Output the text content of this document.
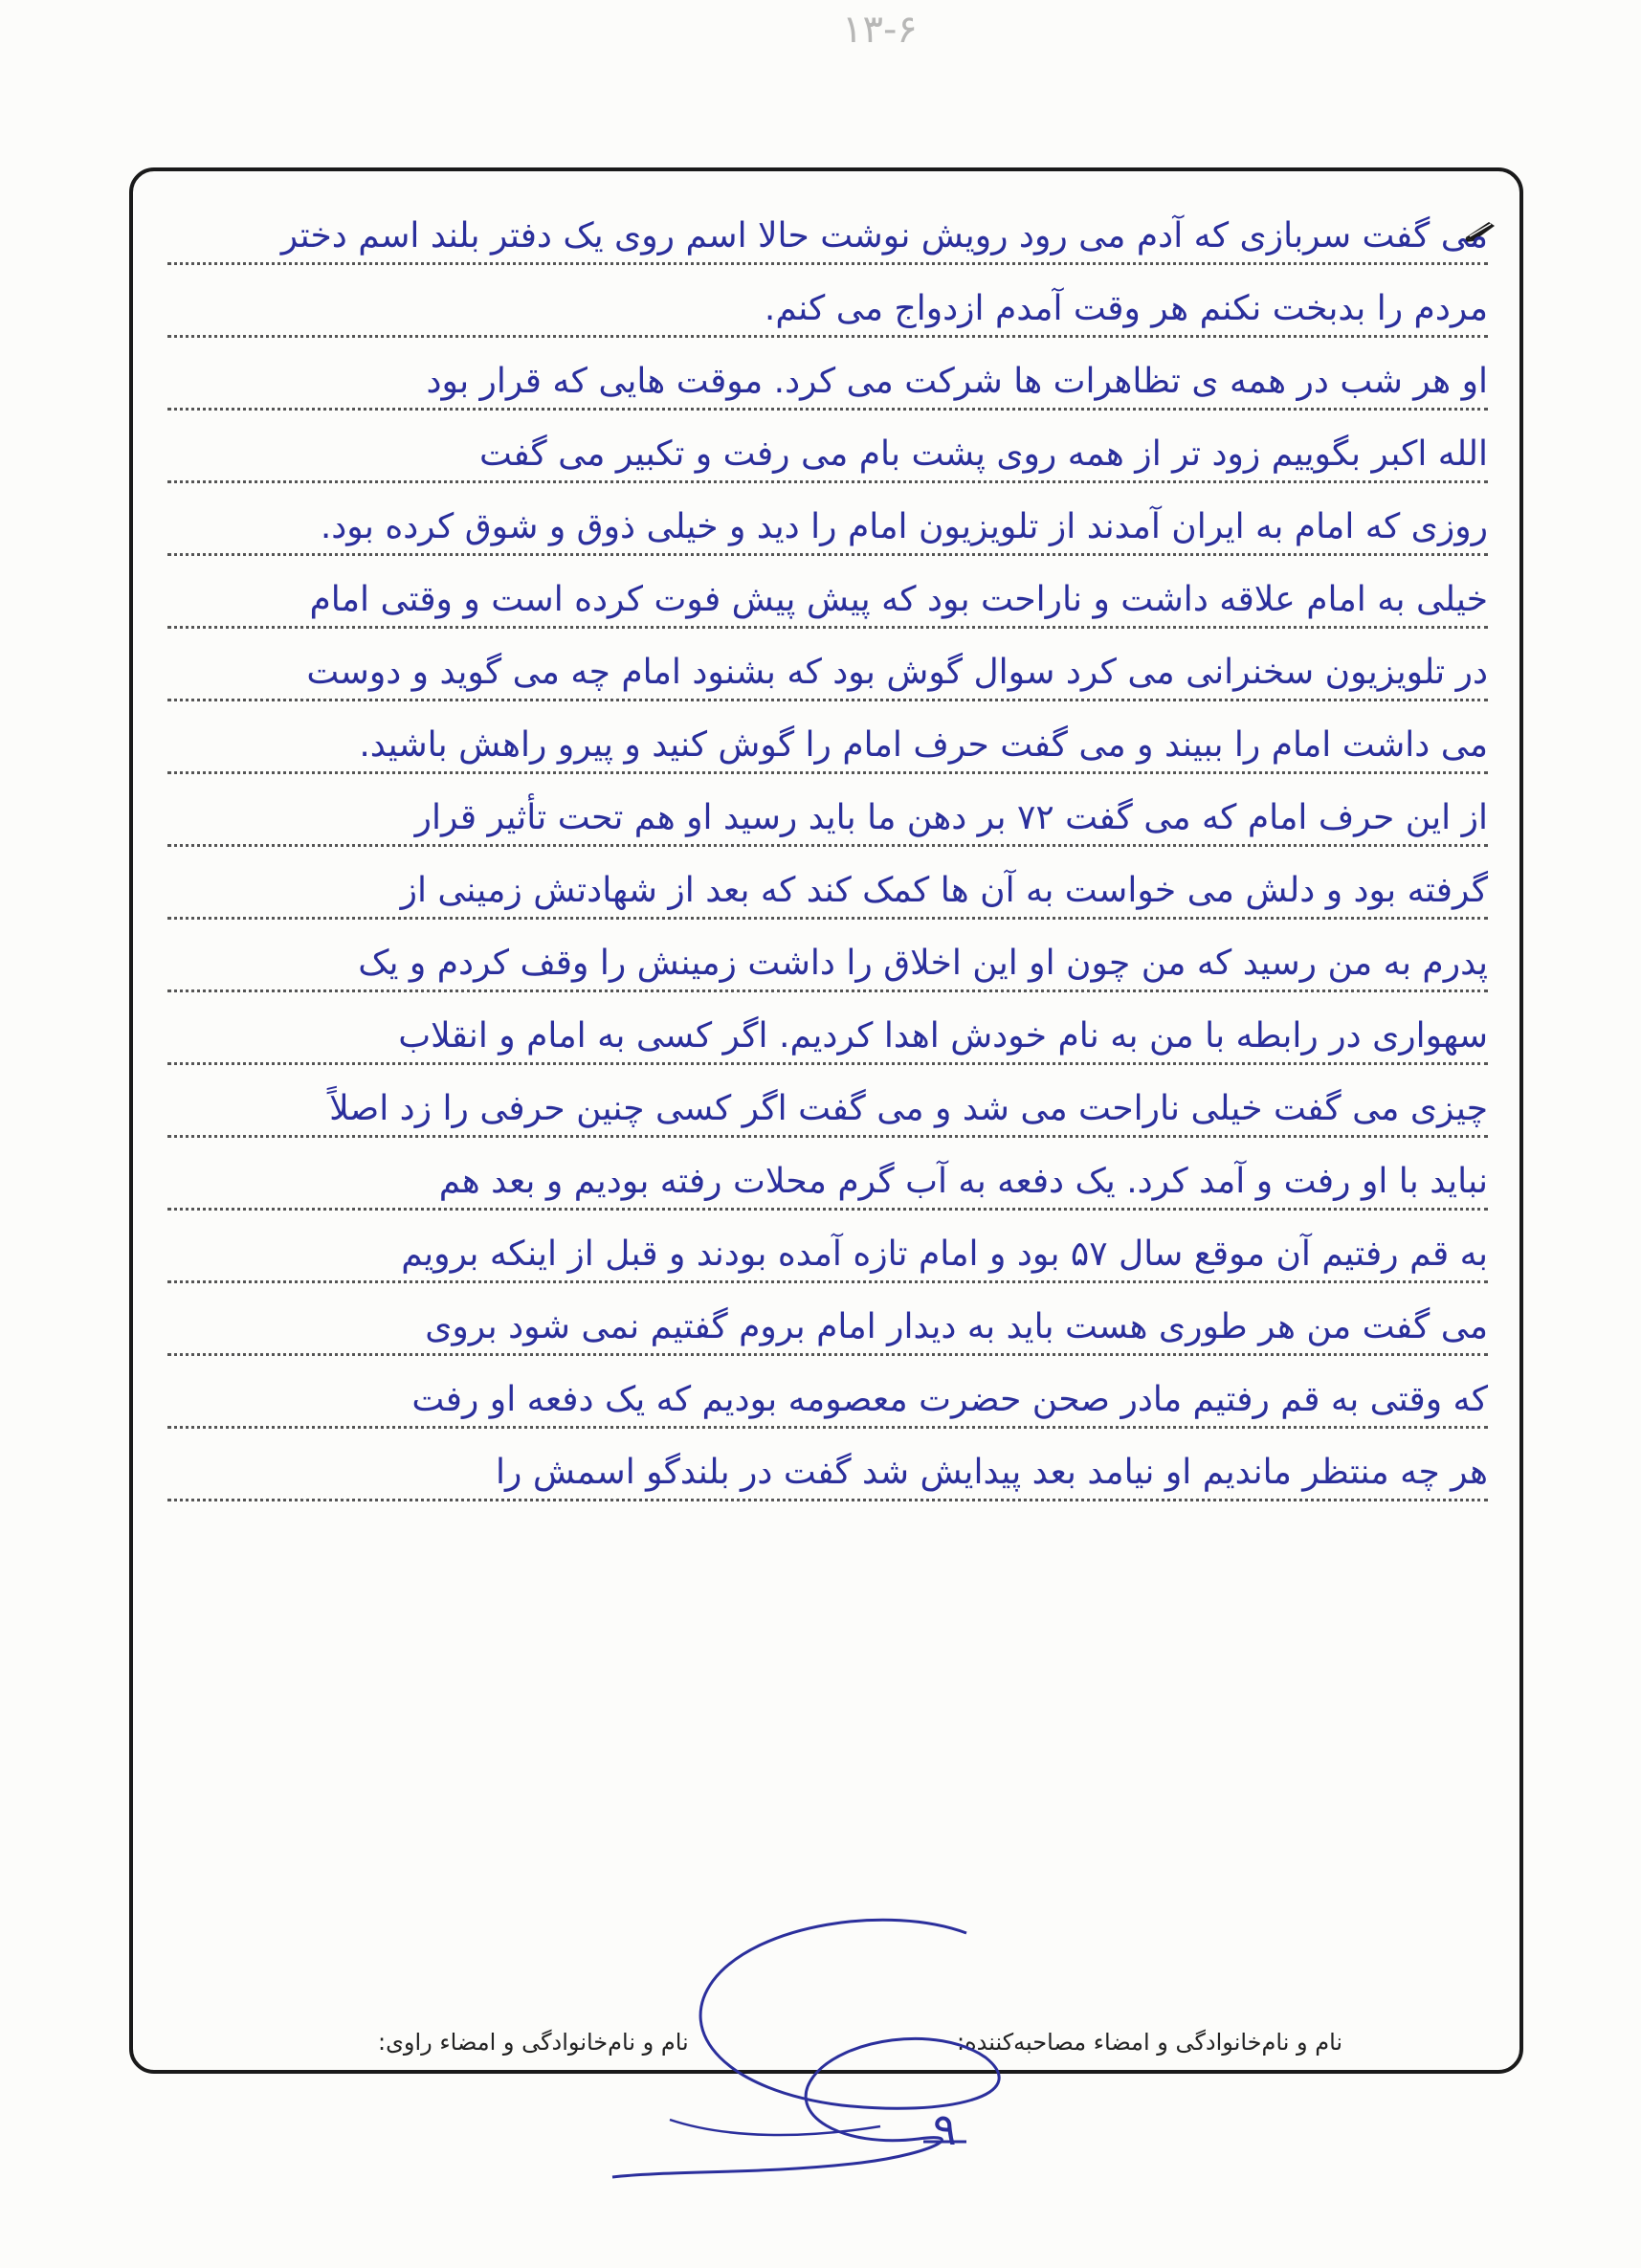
۱۳-۶
می گفت سربازی که آدم می رود رویش نوشت حالا اسم روی یک دفتر بلند اسم دختر
مردم را بدبخت نکنم هر وقت آمدم ازدواج می کنم.
او هر شب در همه ی تظاهرات ها شرکت می کرد. موقت هایی که قرار بود
الله اکبر بگوییم زود تر از همه روی پشت بام می رفت و تکبیر می گفت
روزی که امام به ایران آمدند از تلویزیون امام را دید و خیلی ذوق و شوق کرده بود.
خیلی به امام علاقه داشت و ناراحت بود که پیش پیش فوت کرده است و وقتی امام
در تلویزیون سخنرانی می کرد سوال گوش بود که بشنود امام چه می گوید و دوست
می داشت امام را ببیند و می گفت حرف امام را گوش کنید و پیرو راهش باشید.
از این حرف امام که می گفت ۷۲ بر دهن ما باید رسید او هم تحت تأثیر قرار
گرفته بود و دلش می خواست به آن ها کمک کند که بعد از شهادتش زمینی از
پدرم به من رسید که من چون او این اخلاق را داشت زمینش را وقف کردم و یک
سهواری در رابطه با من به نام خودش اهدا کردیم. اگر کسی به امام و انقلاب
چیزی می گفت خیلی ناراحت می شد و می گفت اگر کسی چنین حرفی را زد اصلاً
نباید با او رفت و آمد کرد. یک دفعه به آب گرم محلات رفته بودیم و بعد هم
به قم رفتیم آن موقع سال ۵۷ بود و امام تازه آمده بودند و قبل از اینکه برویم
می گفت من هر طوری هست باید به دیدار امام بروم گفتیم نمی شود بروی
که وقتی به قم رفتیم مادر صحن حضرت معصومه بودیم که یک دفعه او رفت
هر چه منتظر ماندیم او نیامد بعد پیدایش شد گفت در بلندگو اسمش را
نام و نام‌خانوادگی و امضاء مصاحبه‌کننده:
نام و نام‌خانوادگی و امضاء راوی:
۹
